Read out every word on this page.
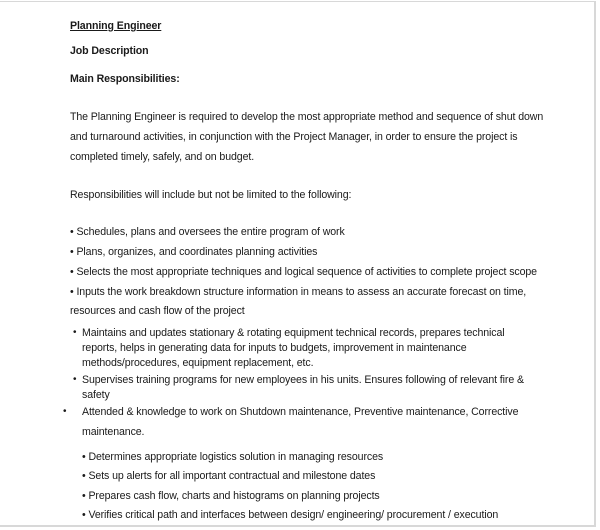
Planning Engineer
Job Description
Main Responsibilities:
The Planning Engineer is required to develop the most appropriate method and sequence of shut down
and turnaround activities, in conjunction with the Project Manager, in order to ensure the project is
completed timely, safely, and on budget.
Responsibilities will include but not be limited to the following:
• Schedules, plans and oversees the entire program of work
• Plans, organizes, and coordinates planning activities
• Selects the most appropriate techniques and logical sequence of activities to complete project scope
• Inputs the work breakdown structure information in means to assess an accurate forecast on time,
resources and cash flow of the project
• Maintains and updates stationary & rotating equipment technical records, prepares technical
reports, helps in generating data for inputs to budgets, improvement in maintenance
methods/procedures, equipment replacement, etc.
• Supervises training programs for new employees in his units. Ensures following of relevant fire &
safety
• Attended & knowledge to work on Shutdown maintenance, Preventive maintenance, Corrective
maintenance.
• Determines appropriate logistics solution in managing resources
• Sets up alerts for all important contractual and milestone dates
• Prepares cash flow, charts and histograms on planning projects
• Verifies critical path and interfaces between design/ engineering/ procurement / execution
